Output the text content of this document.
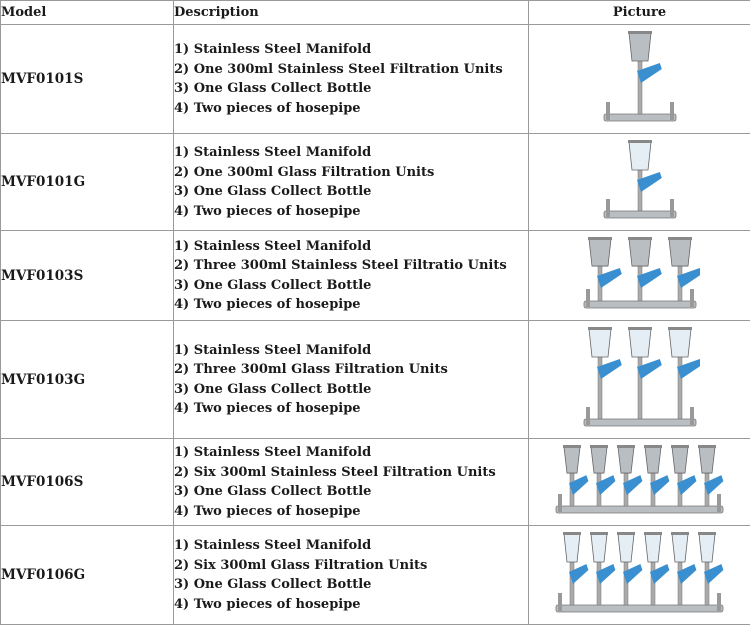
Model	Description	Picture
MVF0101S	1) Stainless Steel Manifold
2) One 300ml Stainless Steel Filtration Units
3) One Glass Collect Bottle
4) Two pieces of hosepipe

MVF0101G	1) Stainless Steel Manifold
2) One 300ml Glass Filtration Units
3) One Glass Collect Bottle
4) Two pieces of hosepipe

MVF0103S	1) Stainless Steel Manifold
2) Three 300ml Stainless Steel Filtratio Units
3) One Glass Collect Bottle
4) Two pieces of hosepipe

MVF0103G	1) Stainless Steel Manifold
2) Three 300ml Glass Filtration Units
3) One Glass Collect Bottle
4) Two pieces of hosepipe

MVF0106S	1) Stainless Steel Manifold
2) Six 300ml Stainless Steel Filtration Units
3) One Glass Collect Bottle
4) Two pieces of hosepipe

MVF0106G	1) Stainless Steel Manifold
2) Six 300ml Glass Filtration Units
3) One Glass Collect Bottle
4) Two pieces of hosepipe
